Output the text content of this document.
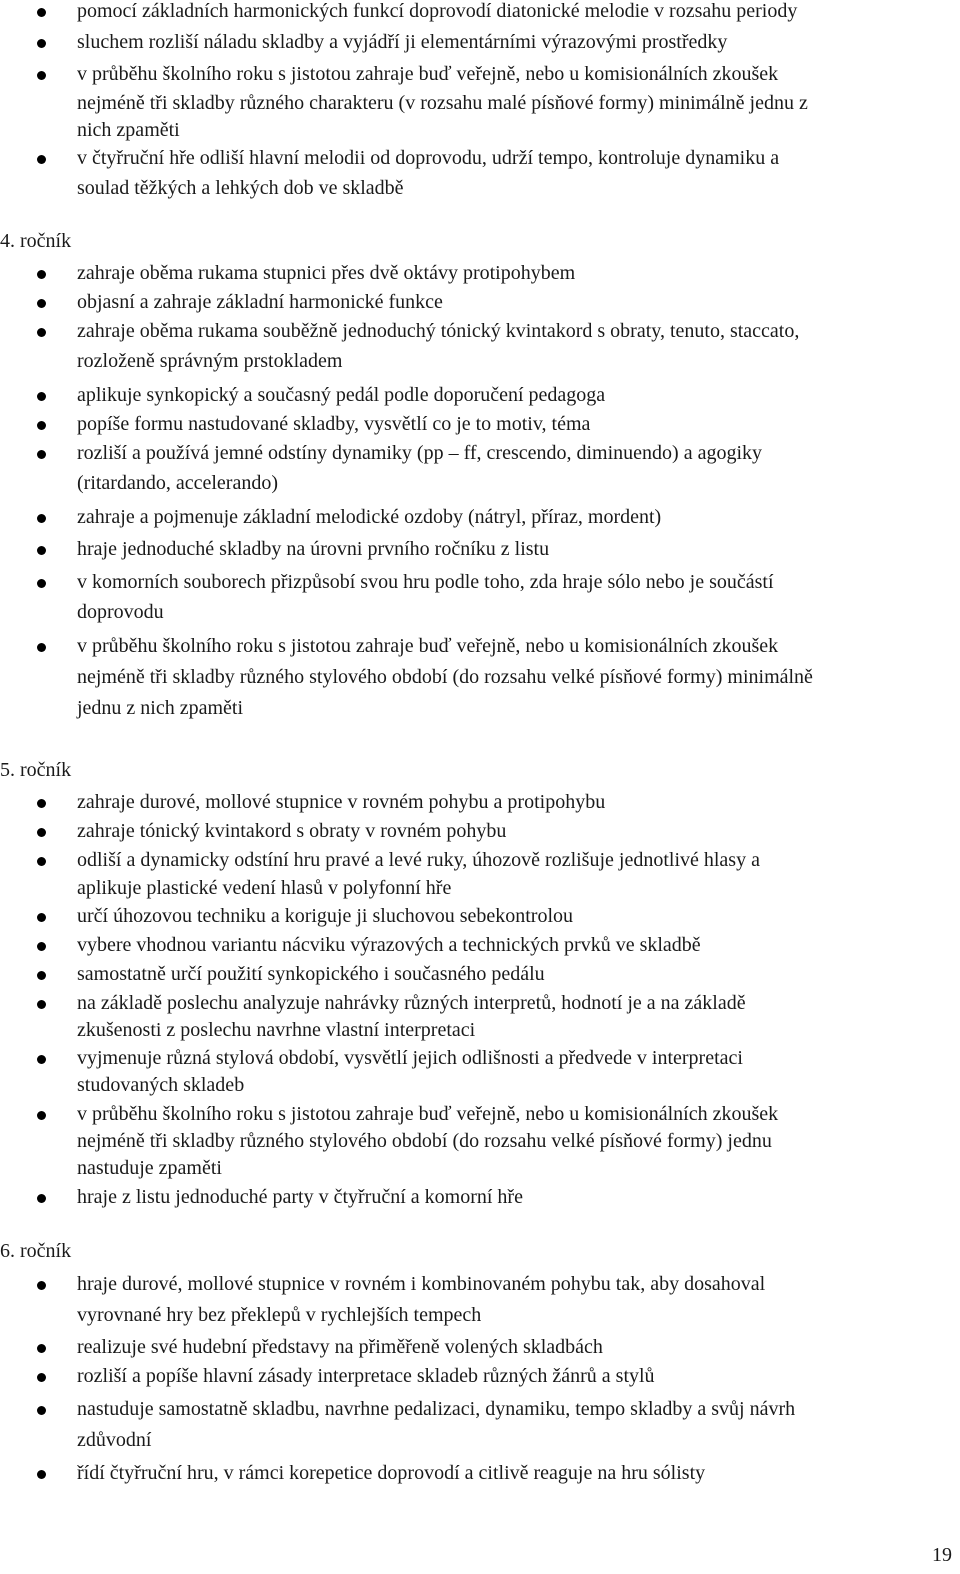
pomocí základních harmonických funkcí doprovodí diatonické melodie v rozsahu periody
sluchem rozliší náladu skladby a vyjádří ji elementárními výrazovými prostředky
v průběhu školního roku s jistotou zahraje buď veřejně, nebo u komisionálních zkoušek
nejméně tři skladby různého charakteru (v rozsahu malé písňové formy) minimálně jednu z
nich zpaměti
v čtyřruční hře odliší hlavní melodii od doprovodu, udrží tempo, kontroluje dynamiku a
soulad těžkých a lehkých dob ve skladbě
4. ročník
zahraje oběma rukama stupnici přes dvě oktávy protipohybem
objasní a zahraje základní harmonické funkce
zahraje oběma rukama souběžně jednoduchý tónický kvintakord s obraty, tenuto, staccato,
rozloženě správným prstokladem
aplikuje synkopický a současný pedál podle doporučení pedagoga
popíše formu nastudované skladby, vysvětlí co je to motiv, téma
rozliší a používá jemné odstíny dynamiky (pp – ff, crescendo, diminuendo) a agogiky
(ritardando, accelerando)
zahraje a pojmenuje základní melodické ozdoby (nátryl, příraz, mordent)
hraje jednoduché skladby na úrovni prvního ročníku z listu
v komorních souborech přizpůsobí svou hru podle toho, zda hraje sólo nebo je součástí
doprovodu
v průběhu školního roku s jistotou zahraje buď veřejně, nebo u komisionálních zkoušek
nejméně tři skladby různého stylového období (do rozsahu velké písňové formy) minimálně
jednu z nich zpaměti
5. ročník
zahraje durové, mollové stupnice v rovném pohybu a protipohybu
zahraje tónický kvintakord s obraty v rovném pohybu
odliší a dynamicky odstíní hru pravé a levé ruky, úhozově rozlišuje jednotlivé hlasy a
aplikuje plastické vedení hlasů v polyfonní hře
určí úhozovou techniku a koriguje ji sluchovou sebekontrolou
vybere vhodnou variantu nácviku výrazových a technických prvků ve skladbě
samostatně určí použití synkopického i současného pedálu
na základě poslechu analyzuje nahrávky různých interpretů, hodnotí je a na základě
zkušenosti z poslechu navrhne vlastní interpretaci
vyjmenuje různá stylová období, vysvětlí jejich odlišnosti a předvede v interpretaci
studovaných skladeb
v průběhu školního roku s jistotou zahraje buď veřejně, nebo u komisionálních zkoušek
nejméně tři skladby různého stylového období (do rozsahu velké písňové formy) jednu
nastuduje zpaměti
hraje z listu jednoduché party v čtyřruční a komorní hře
6. ročník
hraje durové, mollové stupnice v rovném i kombinovaném pohybu tak, aby dosahoval
vyrovnané hry bez překlepů v rychlejších tempech
realizuje své hudební představy na přiměřeně volených skladbách
rozliší a popíše hlavní zásady interpretace skladeb různých žánrů a stylů
nastuduje samostatně skladbu, navrhne pedalizaci, dynamiku, tempo skladby a svůj návrh
zdůvodní
řídí čtyřruční hru, v rámci korepetice doprovodí a citlivě reaguje na hru sólisty
19
